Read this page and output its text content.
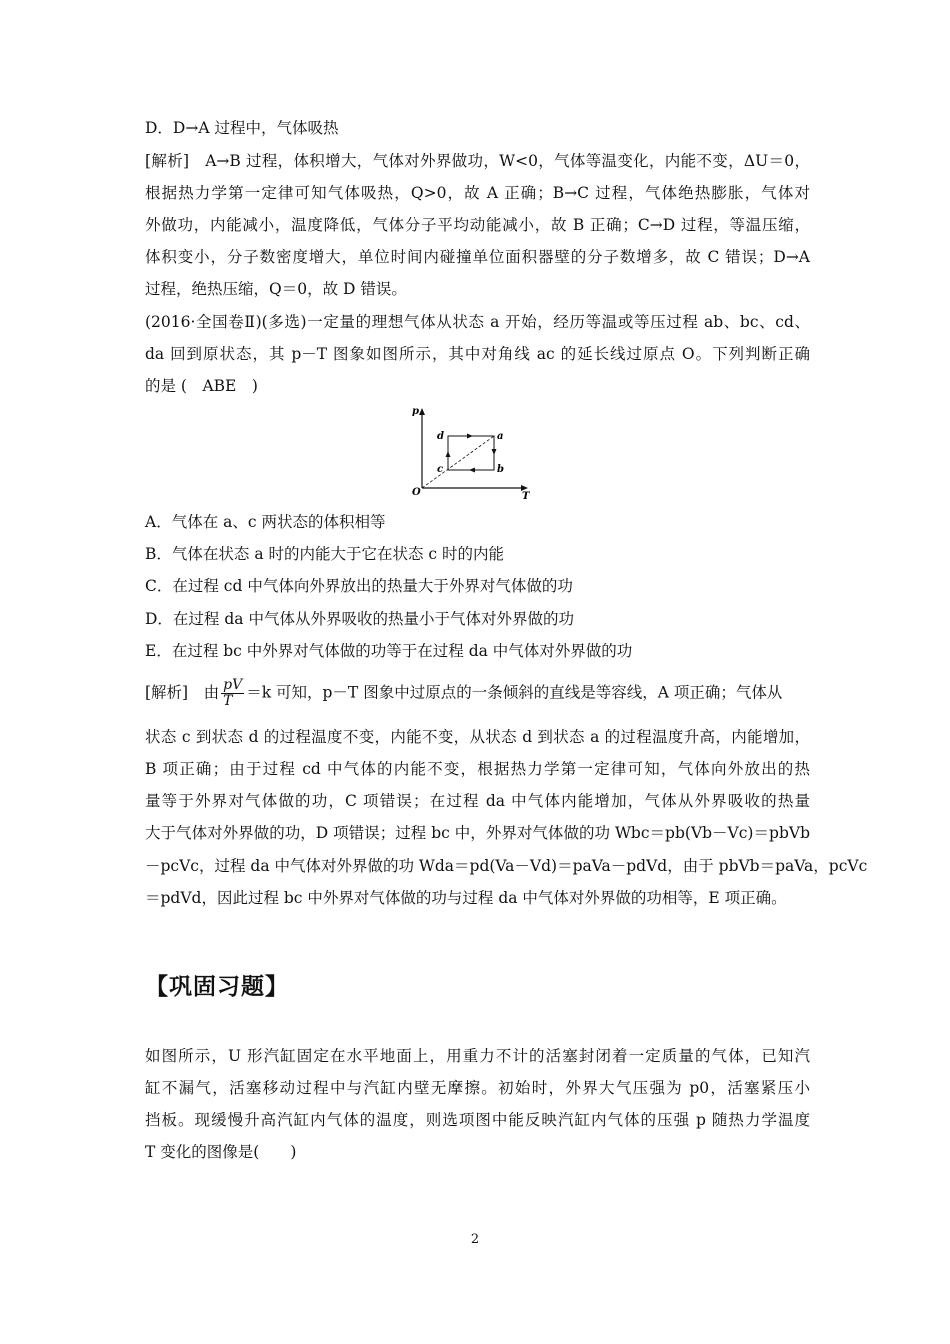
D．D→A 过程中，气体吸热
[解析]　A→B 过程，体积增大，气体对外界做功，W<0，气体等温变化，内能不变，ΔU＝0，
根据热力学第一定律可知气体吸热，Q>0，故 A 正确；B→C 过程，气体绝热膨胀，气体对
外做功，内能减小，温度降低，气体分子平均动能减小，故 B 正确；C→D 过程，等温压缩，
体积变小，分子数密度增大，单位时间内碰撞单位面积器壁的分子数增多，故 C 错误；D→A
过程，绝热压缩，Q＝0，故 D 错误。
(2016·全国卷Ⅱ)(多选)一定量的理想气体从状态 a 开始，经历等温或等压过程 ab、bc、cd、
da 回到原状态，其 p－T 图象如图所示，其中对角线 ac 的延长线过原点 O。下列判断正确
的是 (　ABE　)
p
T
O
a
b
c
d
A．气体在 a、c 两状态的体积相等
B．气体在状态 a 时的内能大于它在状态 c 时的内能
C．在过程 cd 中气体向外界放出的热量大于外界对气体做的功
D．在过程 da 中气体从外界吸收的热量小于气体对外界做的功
E．在过程 bc 中外界对气体做的功等于在过程 da 中气体对外界做的功
[解析]　由 $\frac{pV}{T} =k$ 可知，p－T 图象中过原点的一条倾斜的直线是等容线，A 项正确；气体从
状态 c 到状态 d 的过程温度不变，内能不变，从状态 d 到状态 a 的过程温度升高，内能增加，
B 项正确；由于过程 cd 中气体的内能不变，根据热力学第一定律可知，气体向外放出的热
量等于外界对气体做的功，C 项错误；在过程 da 中气体内能增加，气体从外界吸收的热量
大于气体对外界做的功，D 项错误；过程 bc 中，外界对气体做的功 Wbc＝pb(Vb－Vc)＝pbVb
－pcVc，过程 da 中气体对外界做的功 Wda＝pd(Va－Vd)＝paVa－pdVd，由于 pbVb＝paVa，pcVc
＝pdVd，因此过程 bc 中外界对气体做的功与过程 da 中气体对外界做的功相等，E 项正确。
【巩固习题】
如图所示，U 形汽缸固定在水平地面上，用重力不计的活塞封闭着一定质量的气体，已知汽
缸不漏气，活塞移动过程中与汽缸内壁无摩擦。初始时，外界大气压强为 p0，活塞紧压小
挡板。现缓慢升高汽缸内气体的温度，则选项图中能反映汽缸内气体的压强 p 随热力学温度
T 变化的图像是(　　)
2
